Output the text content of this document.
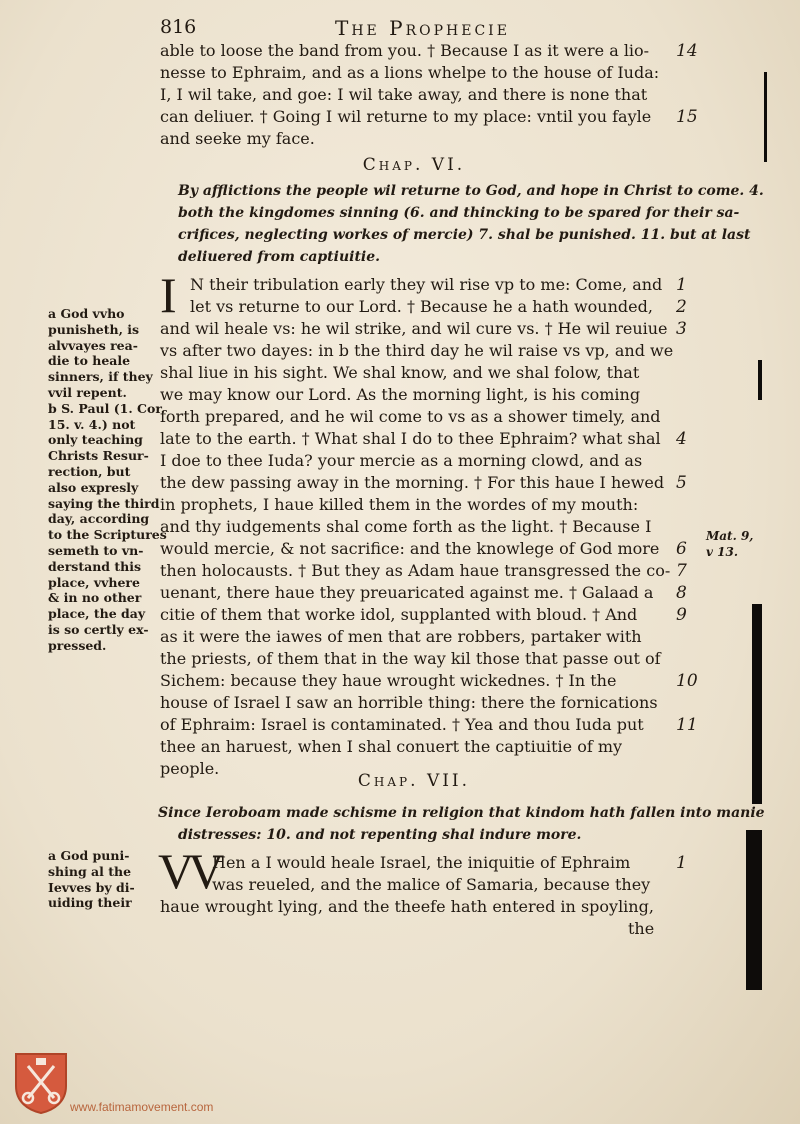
816	The Prophecie
able to loose the band from you. † Because I as it were a lio-
nesse to Ephraim, and as a lions whelpe to the house of Iuda:
I, I wil take, and goe: I wil take away, and there is none that
can deliuer. † Going I wil returne to my place: vntil you fayle
and seeke my face.
14
15
Chap. VI.
By afflictions the people wil returne to God, and hope in Christ to come. 4.
both the kingdomes sinning (6. and thincking to be spared for their sa-
crifices, neglecting workes of mercie) 7. shal be punished. 11. but at last
deliuered from captiuitie.
I N their tribulation early they wil rise vp to me: Come, and
let vs returne to our Lord. † Because he a hath wounded,
and wil heale vs: he wil strike, and wil cure vs. † He wil reuiue
vs after two dayes: in b the third day he wil raise vs vp, and we
shal liue in his sight. We shal know, and we shal folow, that
we may know our Lord. As the morning light, is his coming
forth prepared, and he wil come to vs as a shower timely, and
late to the earth. † What shal I do to thee Ephraim? what shal
I doe to thee Iuda? your mercie as a morning clowd, and as
the dew passing away in the morning. † For this haue I hewed
in prophets, I haue killed them in the wordes of my mouth:
and thy iudgements shal come forth as the light. † Because I
would mercie, & not sacrifice: and the knowlege of God more
then holocausts. † But they as Adam haue transgressed the co-
uenant, there haue they preuaricated against me. † Galaad a
citie of them that worke idol, supplanted with bloud. † And
as it were the iawes of men that are robbers, partaker with
the priests, of them that in the way kil those that passe out of
Sichem: because they haue wrought wickednes. † In the
house of Israel I saw an horrible thing: there the fornications
of Ephraim: Israel is contaminated. † Yea and thou Iuda put
thee an haruest, when I shal conuert the captiuitie of my
people.
1
2
3
4
5
6
7
8
9
10
11
a God vvho
punisheth, is
alvvayes rea-
die to heale
sinners, if they
vvil repent.
b S. Paul (1. Cor.
15. v. 4.) not
only teaching
Christs Resur-
rection, but
also expresly
saying the third
day, according
to the Scriptures
semeth to vn-
derstand this
place, vvhere
& in no other
place, the day
is so certly ex-
pressed.
Mat. 9,
v 13.
Chap. VII.
Since Ieroboam made schisme in religion that kindom hath fallen into manie
distresses: 10. and not repenting shal indure more.
VV
Hen a I would heale Israel, the iniquitie of Ephraim
was reueled, and the malice of Samaria, because they
haue wrought lying, and the theefe hath entered in spoyling,
the
1
a God puni-
shing al the
Ievves by di-
uiding their
www.fatimamovement.com
